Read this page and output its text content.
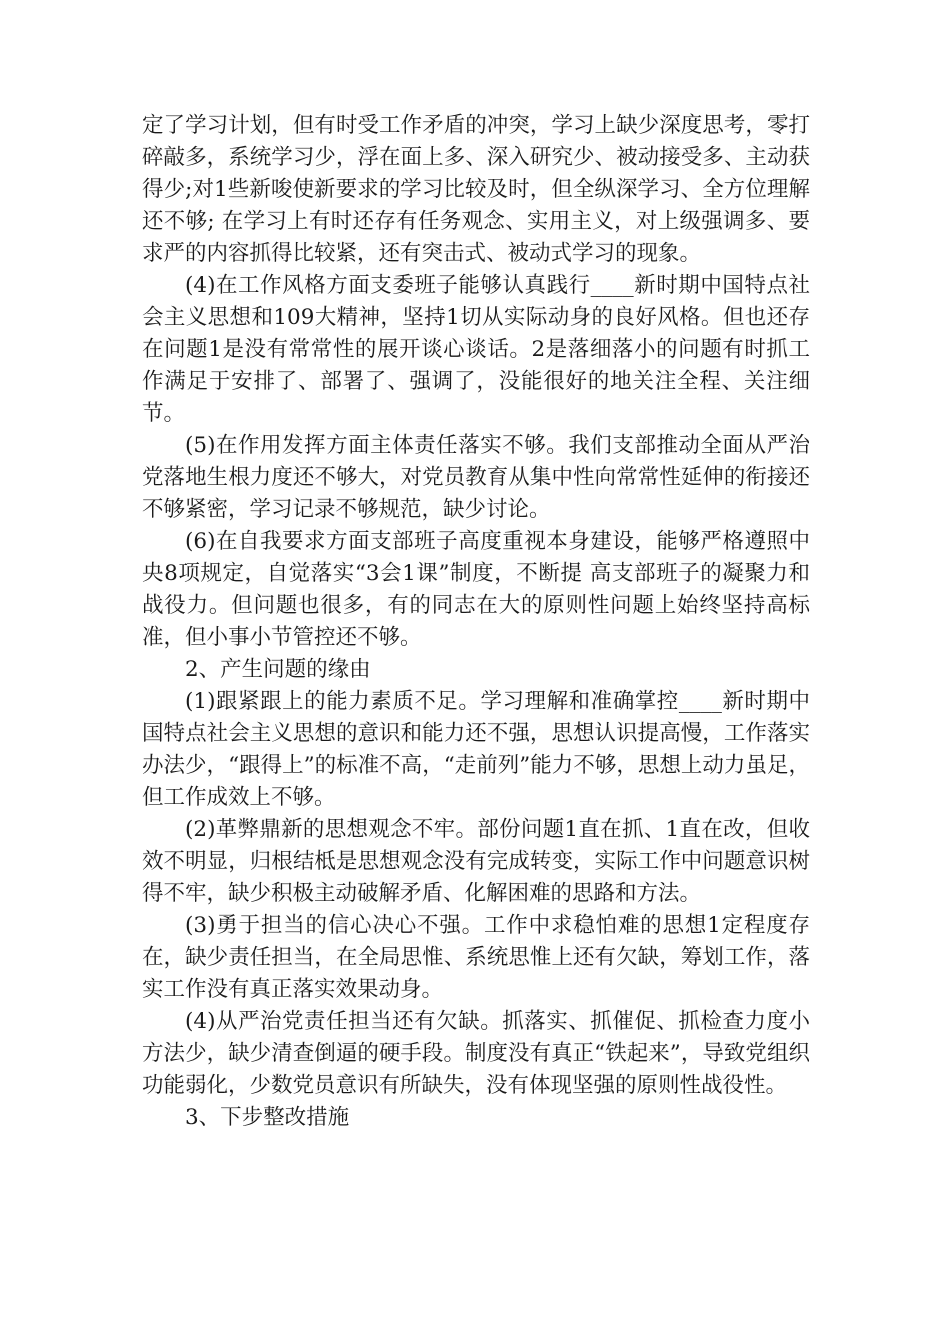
定了学习计划，但有时受工作矛盾的冲突，学习上缺少深度思考，零打碎敲多，系统学习少，浮在面上多、深入研究少、被动接受多、主动获得少;对1些新唆使新要求的学习比较及时，但全纵深学习、全方位理解还不够; 在学习上有时还存有任务观念、实用主义，对上级强调多、要求严的内容抓得比较紧，还有突击式、被动式学习的现象。

(4)在工作风格方面支委班子能够认真践行____新时期中国特点社会主义思想和109大精神，坚持1切从实际动身的良好风格。但也还存在问题1是没有常常性的展开谈心谈话。2是落细落小的问题有时抓工作满足于安排了、部署了、强调了，没能很好的地关注全程、关注细节。

(5)在作用发挥方面主体责任落实不够。我们支部推动全面从严治党落地生根力度还不够大，对党员教育从集中性向常常性延伸的衔接还不够紧密，学习记录不够规范，缺少讨论。

(6)在自我要求方面支部班子高度重视本身建设，能够严格遵照中央8项规定，自觉落实“3会1课”制度，不断提 高支部班子的凝聚力和战役力。但问题也很多，有的同志在大的原则性问题上始终坚持高标准，但小事小节管控还不够。

2、产生问题的缘由

(1)跟紧跟上的能力素质不足。学习理解和准确掌控____新时期中国特点社会主义思想的意识和能力还不强，思想认识提高慢，工作落实办法少，“跟得上”的标准不高，“走前列”能力不够，思想上动力虽足，但工作成效上不够。

(2)革弊鼎新的思想观念不牢。部份问题1直在抓、1直在改，但收效不明显，归根结柢是思想观念没有完成转变，实际工作中问题意识树得不牢，缺少积极主动破解矛盾、化解困难的思路和方法。

(3)勇于担当的信心决心不强。工作中求稳怕难的思想1定程度存在，缺少责任担当，在全局思惟、系统思惟上还有欠缺，筹划工作，落实工作没有真正落实效果动身。

(4)从严治党责任担当还有欠缺。抓落实、抓催促、抓检查力度小方法少，缺少清查倒逼的硬手段。制度没有真正“铁起来”，导致党组织功能弱化，少数党员意识有所缺失，没有体现坚强的原则性战役性。

3、下步整改措施
